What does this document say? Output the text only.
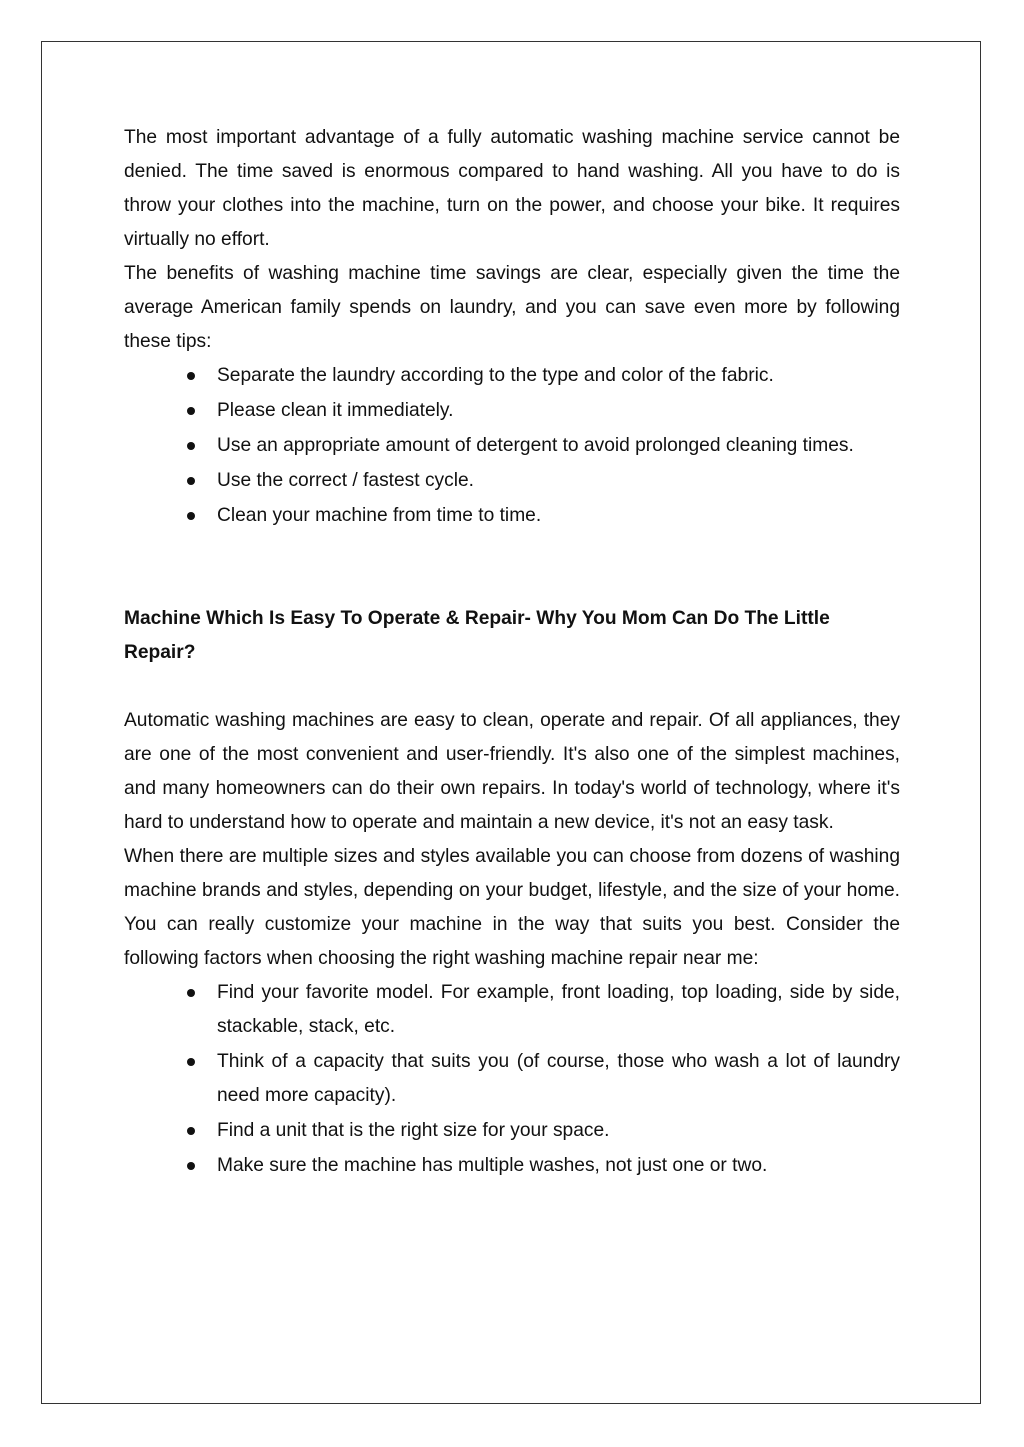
The most important advantage of a fully automatic washing machine service cannot be denied. The time saved is enormous compared to hand washing. All you have to do is throw your clothes into the machine, turn on the power, and choose your bike. It requires virtually no effort.

The benefits of washing machine time savings are clear, especially given the time the average American family spends on laundry, and you can save even more by following these tips:

Separate the laundry according to the type and color of the fabric.
Please clean it immediately.
Use an appropriate amount of detergent to avoid prolonged cleaning times.
Use the correct / fastest cycle.
Clean your machine from time to time.

Machine Which Is Easy To Operate & Repair- Why You Mom Can Do The Little Repair?

Automatic washing machines are easy to clean, operate and repair. Of all appliances, they are one of the most convenient and user-friendly. It's also one of the simplest machines, and many homeowners can do their own repairs. In today's world of technology, where it's hard to understand how to operate and maintain a new device, it's not an easy task.

When there are multiple sizes and styles available you can choose from dozens of washing machine brands and styles, depending on your budget, lifestyle, and the size of your home. You can really customize your machine in the way that suits you best. Consider the following factors when choosing the right washing machine repair near me:

Find your favorite model. For example, front loading, top loading, side by side, stackable, stack, etc.
Think of a capacity that suits you (of course, those who wash a lot of laundry need more capacity).
Find a unit that is the right size for your space.
Make sure the machine has multiple washes, not just one or two.
